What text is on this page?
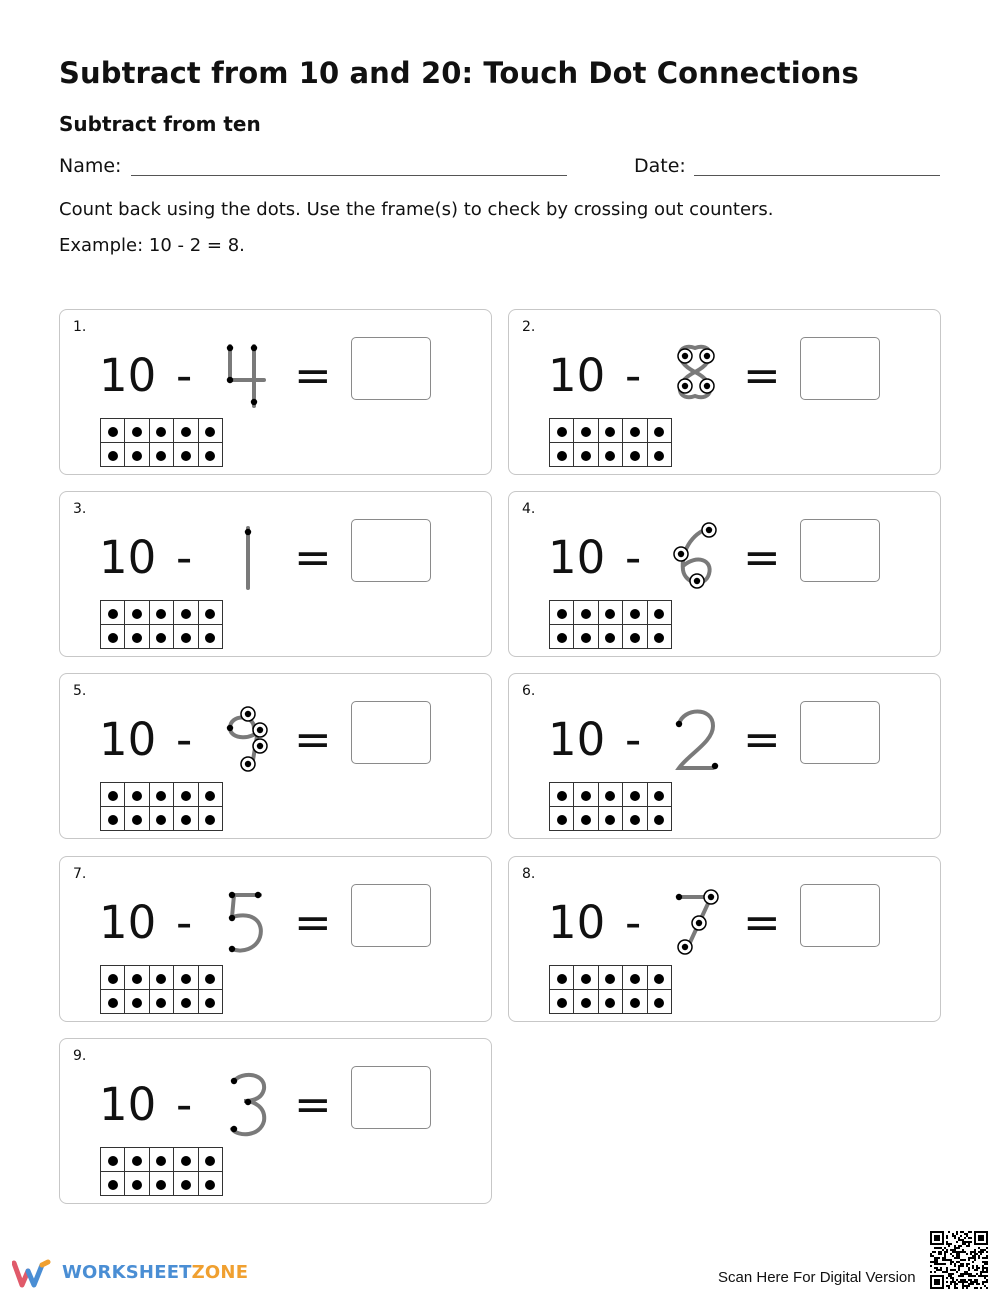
Subtract from 10 and 20: Touch Dot Connections
Subtract from ten
Name:	Date:
Count back using the dots. Use the frame(s) to check by crossing out counters.
Example: 10 - 2 = 8.
1.
10 - =

2.
10 - =

3.
10 - =

4.
10 - =

5.
10 - =

6.
10 - =

7.
10 - =

8.
10 - =

9.
10 - =

WORKSHEETZONE	Scan Here For Digital Version
